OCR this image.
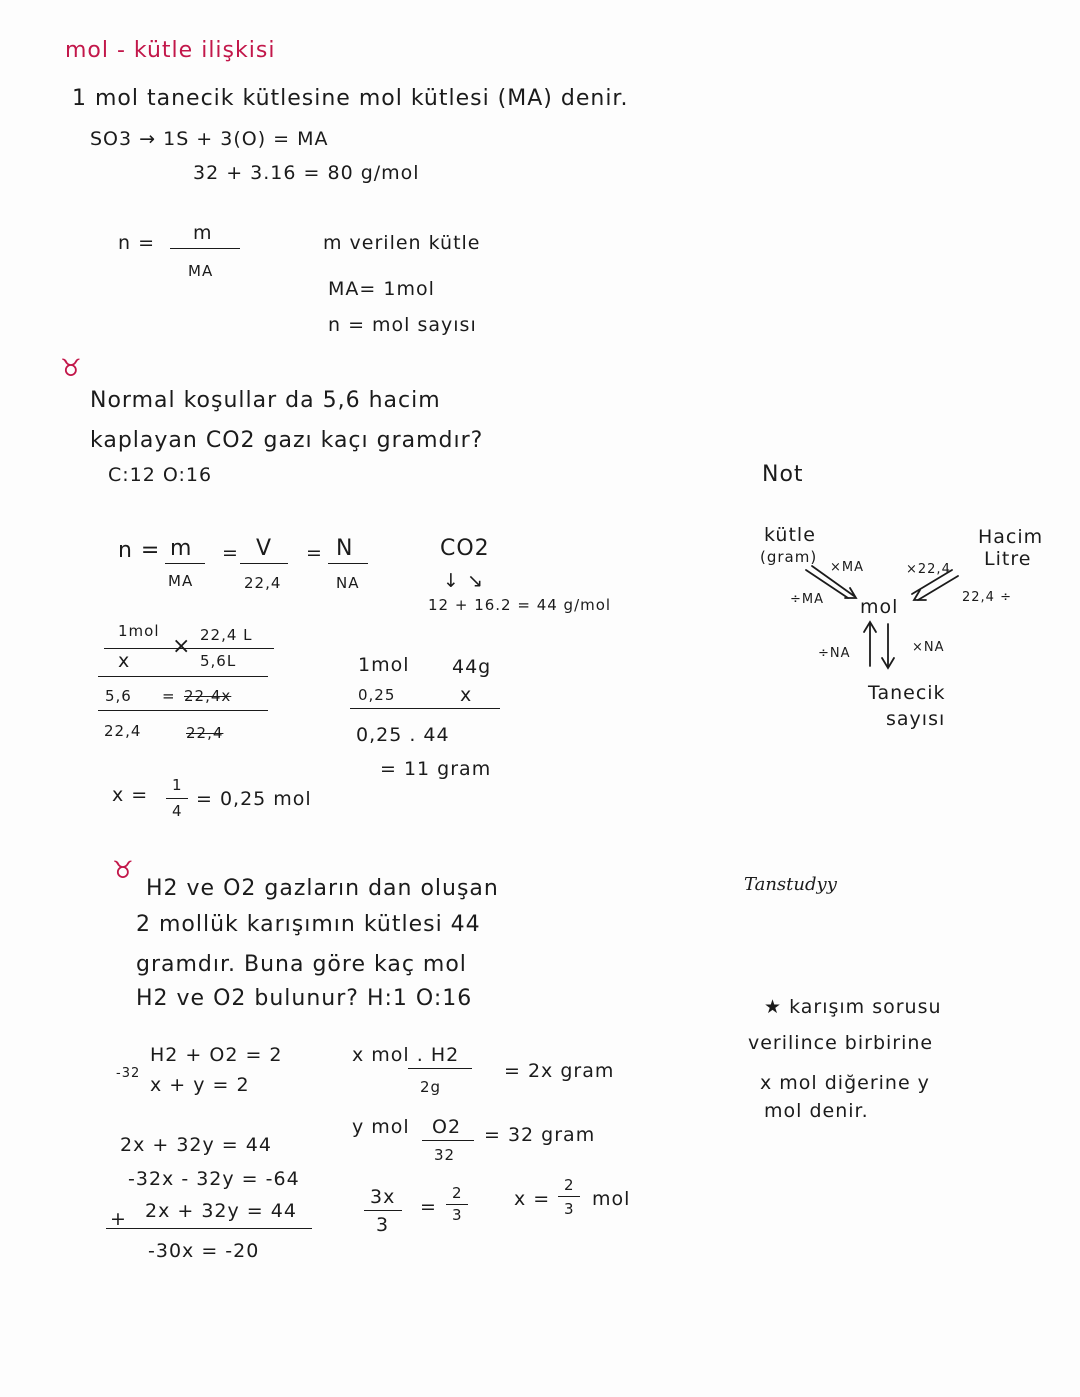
mol - kütle ilişkisi
1 mol tanecik kütlesine mol kütlesi (MA) denir.
SO3 → 1S + 3(O) = MA
32 + 3.16 = 80 g/mol
n = m
MA
m verilen kütle
MA= 1mol
n = mol sayısı
♉
Normal koşullar da 5,6 hacim
kaplayan CO2 gazı kaçı gramdır?
C:12 O:16
n = m
MA
= V
22,4
= N
NA
CO2
↓ ↘
12 + 16.2 = 44 g/mol
1mol	22,4 L
×
x	5,6L
5,6 = 22,4x
22,4	22,4
x = 1
4
= 0,25 mol
1mol 44g
0,25	x
0,25 . 44
= 11 gram
Not
kütle
(gram)
Hacim
Litre
mol
×MA
÷MA
×22,4
22,4 ÷
÷NA	×NA
Tanecik
sayısı
Tanstudyy
♉
H2 ve O2 gazların dan oluşan
2 mollük karışımın kütlesi 44
gramdır. Buna göre kaç mol
H2 ve O2 bulunur? H:1 O:16
H2 + O2 = 2
-32
x + y = 2
2x + 32y = 44
-32x - 32y = -64
2x + 32y = 44
+
-30x = -20
x mol . H2
2g
= 2x gram
y mol O2
32
= 32 gram
3x
3
=
2
3
x =
2
3 mol
★ karışım sorusu
verilince birbirine
x mol diğerine y
mol denir.
